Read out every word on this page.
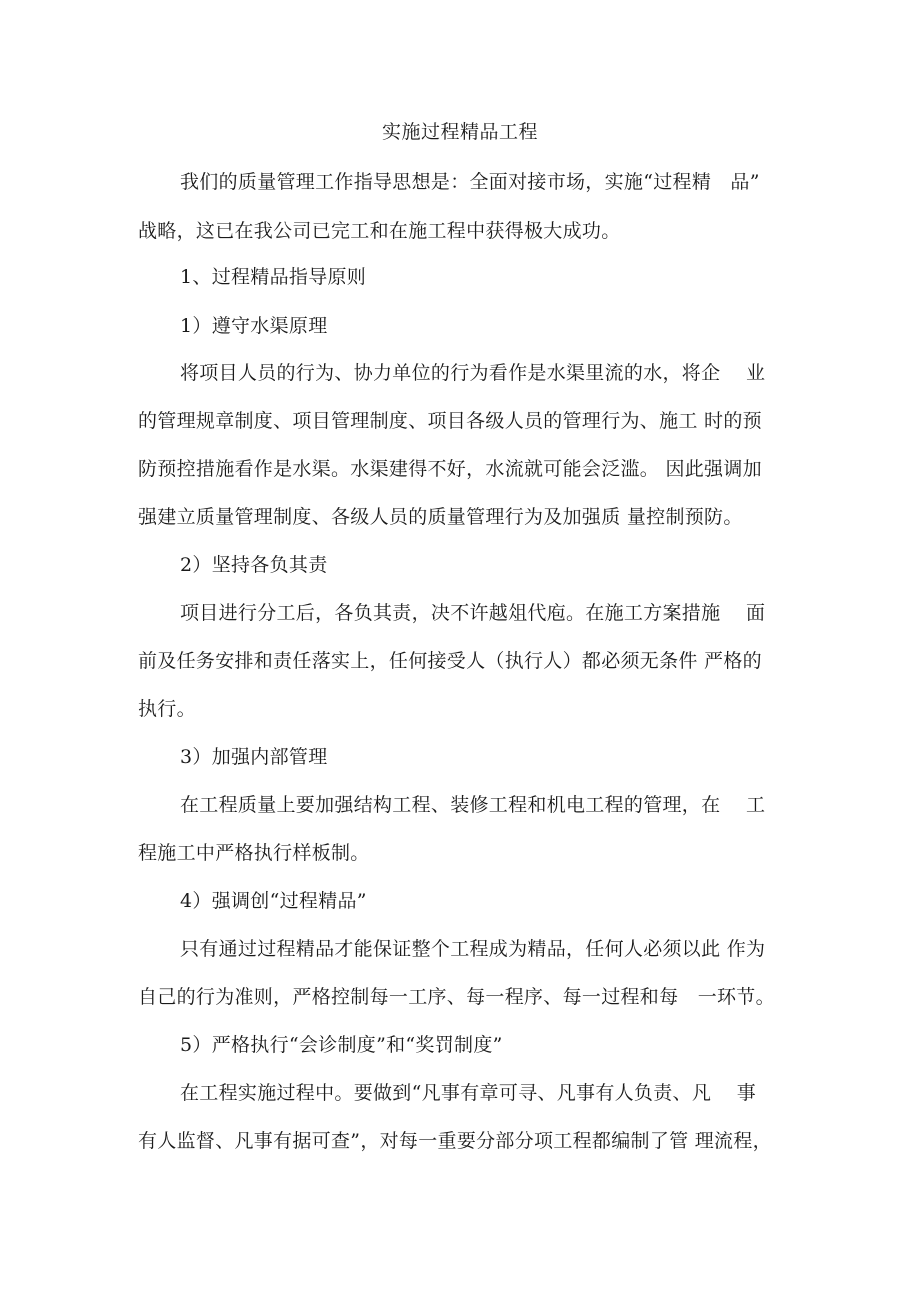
实施过程精品工程
我们的质量管理工作指导思想是：全面对接市场，实施“过程精　品”
战略，这已在我公司已完工和在施工程中获得极大成功。
1、过程精品指导原则
1）遵守水渠原理
将项目人员的行为、协力单位的行为看作是水渠里流的水，将企　 业
的管理规章制度、项目管理制度、项目各级人员的管理行为、施工 时的预
防预控措施看作是水渠。水渠建得不好，水流就可能会泛滥。 因此强调加
强建立质量管理制度、各级人员的质量管理行为及加强质 量控制预防。
2）坚持各负其责
项目进行分工后，各负其责，决不许越俎代庖。在施工方案措施　 面
前及任务安排和责任落实上，任何接受人（执行人）都必须无条件 严格的
执行。
3）加强内部管理
在工程质量上要加强结构工程、装修工程和机电工程的管理，在　 工
程施工中严格执行样板制。
4）强调创“过程精品”
只有通过过程精品才能保证整个工程成为精品，任何人必须以此 作为
自己的行为准则，严格控制每一工序、每一程序、每一过程和每　一环节。
5）严格执行“会诊制度”和“奖罚制度”
在工程实施过程中。要做到“凡事有章可寻、凡事有人负责、凡　 事
有人监督、凡事有据可查”，对每一重要分部分项工程都编制了管 理流程，
